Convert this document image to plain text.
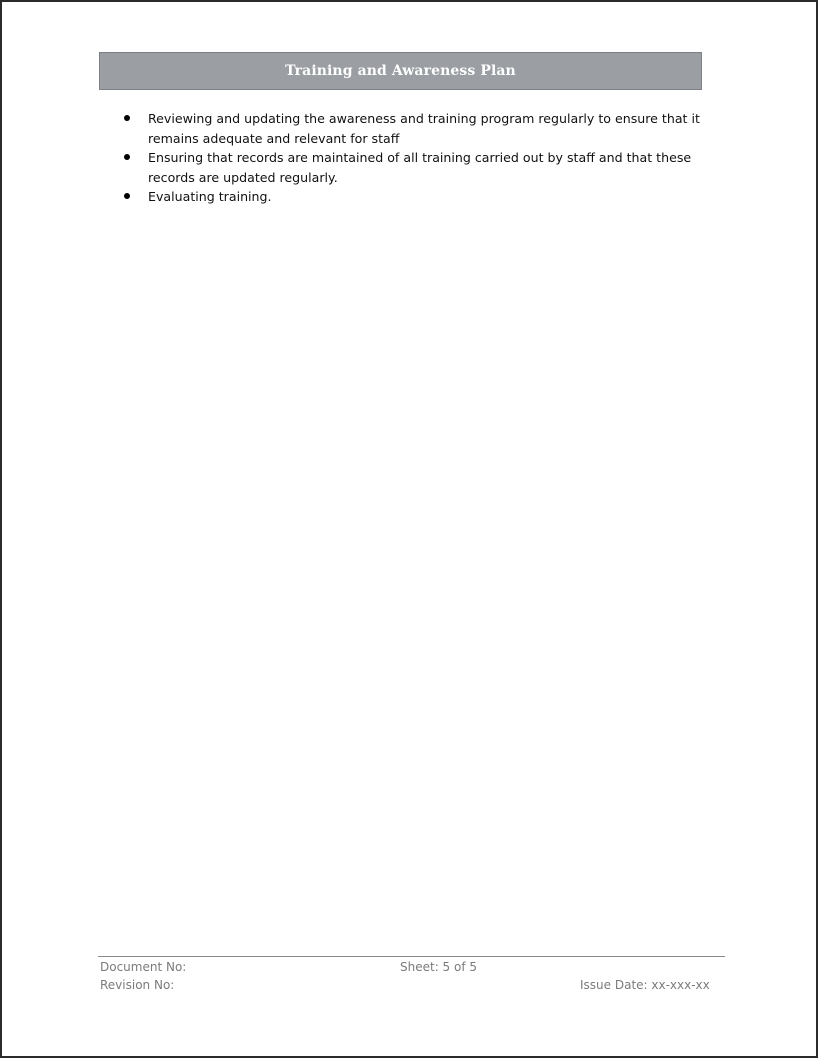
Training and Awareness Plan
Reviewing and updating the awareness and training program regularly to ensure that it remains adequate and relevant for staff
Ensuring that records are maintained of all training carried out by staff and that these records are updated regularly.
Evaluating training.
Document No:	Sheet: 5 of 5
Revision No:	Issue Date: xx-xxx-xx
